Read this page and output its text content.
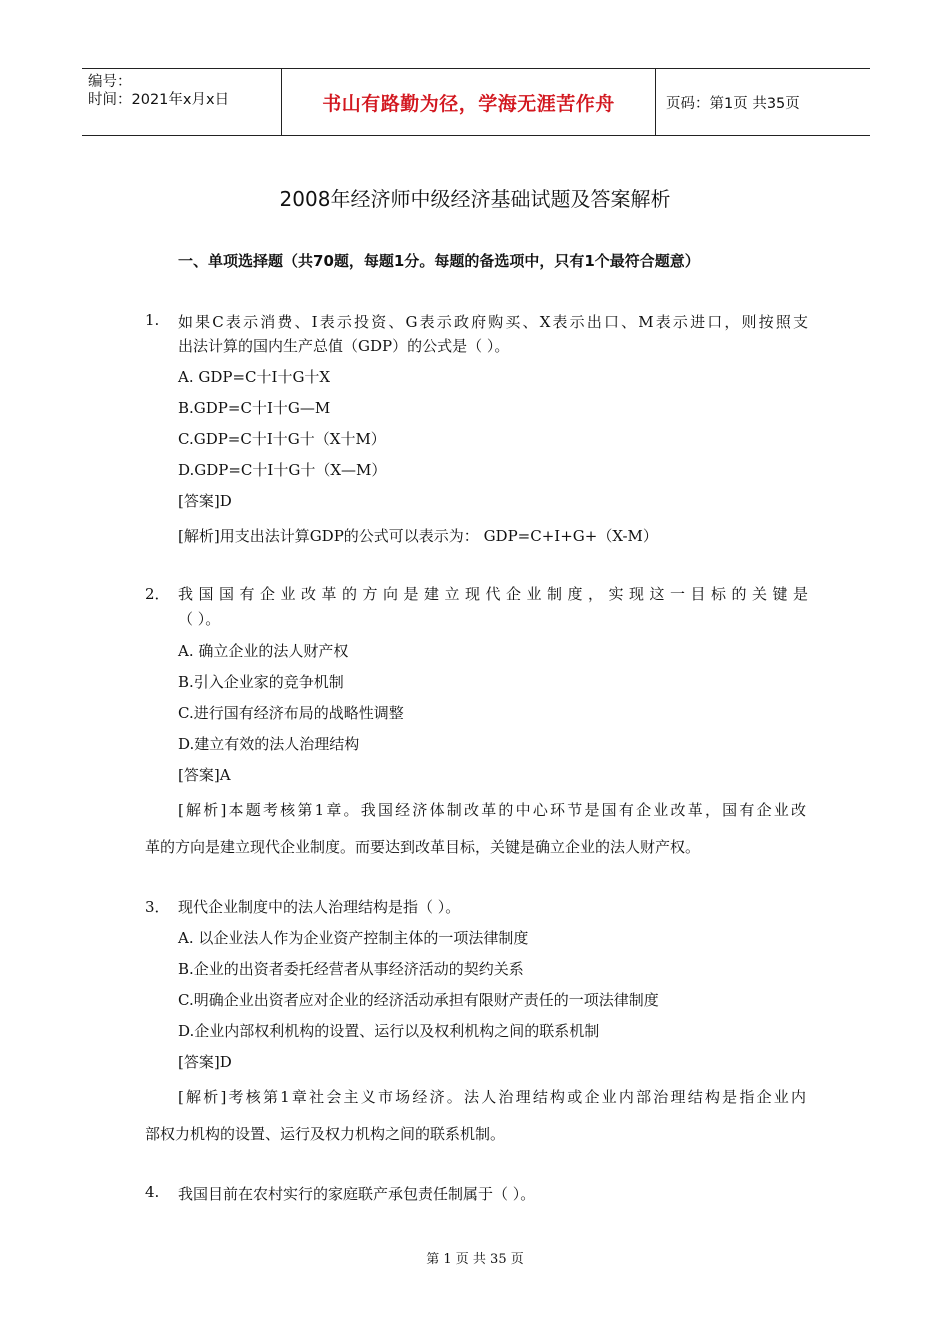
编号：
时间：2021年x月x日	书山有路勤为径，学海无涯苦作舟	页码：第1页 共35页
2008年经济师中级经济基础试题及答案解析
一、单项选择题（共70题，每题1分。每题的备选项中，只有1个最符合题意）
1. 如果C表示消费、I表示投资、G表示政府购买、X表示出口、M表示进口，则按照支
出法计算的国内生产总值（GDP）的公式是（ ）。
A. GDP=C十I十G十X
B.GDP=C十I十G—M
C.GDP=C十I十G十（X十M）
D.GDP=C十I十G十（X—M）
[答案]D
[解析]用支出法计算GDP的公式可以表示为： GDP=C+I+G+（X-M）
2． 我国国有企业改革的方向是建立现代企业制度，实现这一目标的关键是
（ ）。
A. 确立企业的法人财产权
B.引入企业家的竞争机制
C.进行国有经济布局的战略性调整
D.建立有效的法人治理结构
[答案]A
[解析]本题考核第1章。我国经济体制改革的中心环节是国有企业改革，国有企业改
革的方向是建立现代企业制度。而要达到改革目标，关键是确立企业的法人财产权。
3． 现代企业制度中的法人治理结构是指（ ）。
A. 以企业法人作为企业资产控制主体的一项法律制度
B.企业的出资者委托经营者从事经济活动的契约关系
C.明确企业出资者应对企业的经济活动承担有限财产责任的一项法律制度
D.企业内部权利机构的设置、运行以及权利机构之间的联系机制
[答案]D
[解析]考核第1章社会主义市场经济。法人治理结构或企业内部治理结构是指企业内
部权力机构的设置、运行及权力机构之间的联系机制。
4. 我国目前在农村实行的家庭联产承包责任制属于（ ）。
第 1 页 共 35 页
